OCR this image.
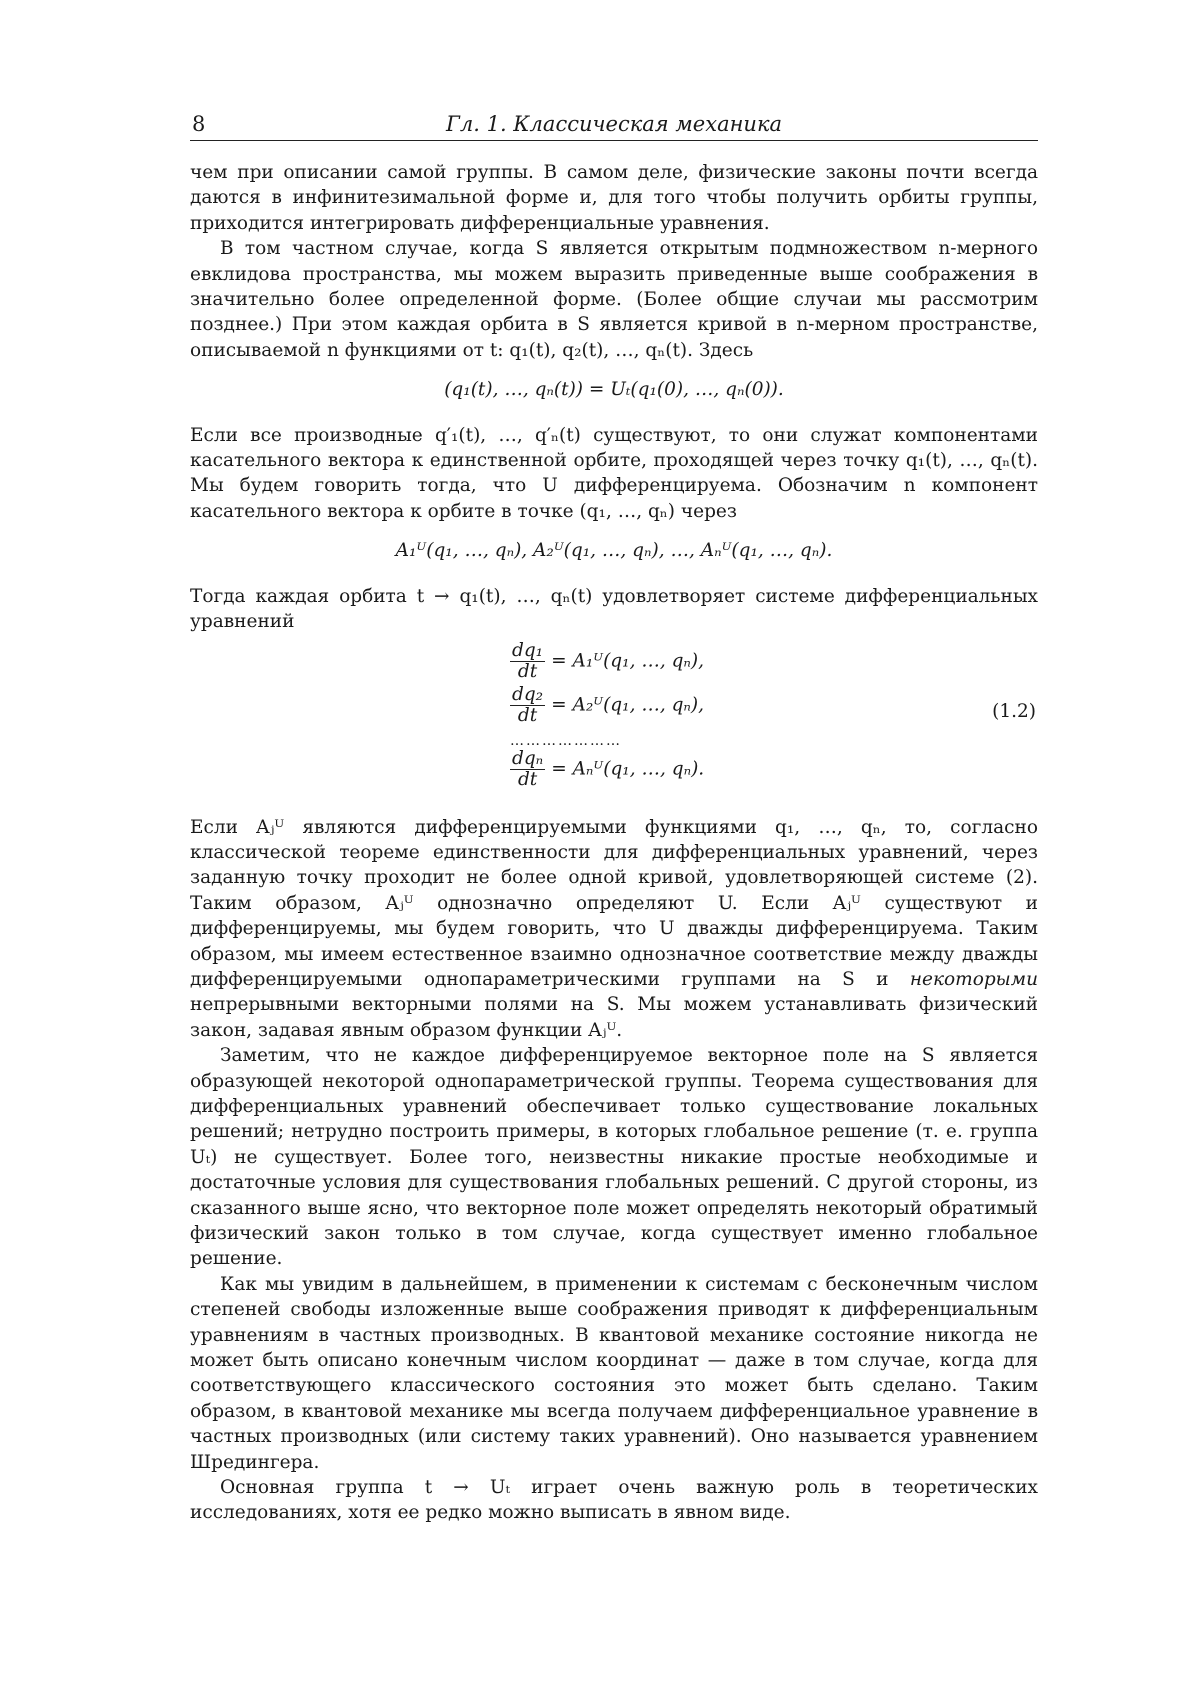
8	Гл. 1. Классическая механика

чем при описании самой группы. В самом деле, физические законы почти всегда даются в инфинитезимальной форме и, для того чтобы получить орбиты группы, приходится интегрировать дифференциальные уравнения.

В том частном случае, когда S является открытым подмножеством n-мерного евклидова пространства, мы можем выразить приведенные выше соображения в значительно более определенной форме. (Более общие случаи мы рассмотрим позднее.) При этом каждая орбита в S является кривой в n-мерном пространстве, описываемой n функциями от t: q₁(t), q₂(t), …, qₙ(t). Здесь

(q₁(t), …, qₙ(t)) = Uₜ(q₁(0), …, qₙ(0)).

Если все производные q′₁(t), …, q′ₙ(t) существуют, то они служат компонентами касательного вектора к единственной орбите, проходящей через точку q₁(t), …, qₙ(t). Мы будем говорить тогда, что U дифференцируема. Обозначим n компонент касательного вектора к орбите в точке (q₁, …, qₙ) через

A₁ᵁ(q₁, …, qₙ), A₂ᵁ(q₁, …, qₙ), …, Aₙᵁ(q₁, …, qₙ).

Тогда каждая орбита t → q₁(t), …, qₙ(t) удовлетворяет системе дифференциальных уравнений

$\frac{\text{dq₁}}{dt}$ = A₁ᵁ(q₁, …, qₙ),
$\frac{\text{dq₂}}{dt}$ = A₂ᵁ(q₁, …, qₙ),
…………………
$\frac{\text{dqₙ}}{dt}$ = Aₙᵁ(q₁, …, qₙ).
(1.2)

Если Aⱼᵁ являются дифференцируемыми функциями q₁, …, qₙ, то, согласно классической теореме единственности для дифференциальных уравнений, через заданную точку проходит не более одной кривой, удовлетворяющей системе (2). Таким образом, Aⱼᵁ однозначно определяют U. Если Aⱼᵁ существуют и дифференцируемы, мы будем говорить, что U дважды дифференцируема. Таким образом, мы имеем естественное взаимно однозначное соответствие между дважды дифференцируемыми однопараметрическими группами на S и некоторыми непрерывными векторными полями на S. Мы можем устанавливать физический закон, задавая явным образом функции Aⱼᵁ.

Заметим, что не каждое дифференцируемое векторное поле на S является образующей некоторой однопараметрической группы. Теорема существования для дифференциальных уравнений обеспечивает только существование локальных решений; нетрудно построить примеры, в которых глобальное решение (т. е. группа Uₜ) не существует. Более того, неизвестны никакие простые необходимые и достаточные условия для существования глобальных решений. С другой стороны, из сказанного выше ясно, что векторное поле может определять некоторый обратимый физический закон только в том случае, когда существует именно глобальное решение.

Как мы увидим в дальнейшем, в применении к системам с бесконечным числом степеней свободы изложенные выше соображения приводят к дифференциальным уравнениям в частных производных. В квантовой механике состояние никогда не может быть описано конечным числом координат — даже в том случае, когда для соответствующего классического состояния это может быть сделано. Таким образом, в квантовой механике мы всегда получаем дифференциальное уравнение в частных производных (или систему таких уравнений). Оно называется уравнением Шредингера.

Основная группа t → Uₜ играет очень важную роль в теоретических исследованиях, хотя ее редко можно выписать в явном виде.
